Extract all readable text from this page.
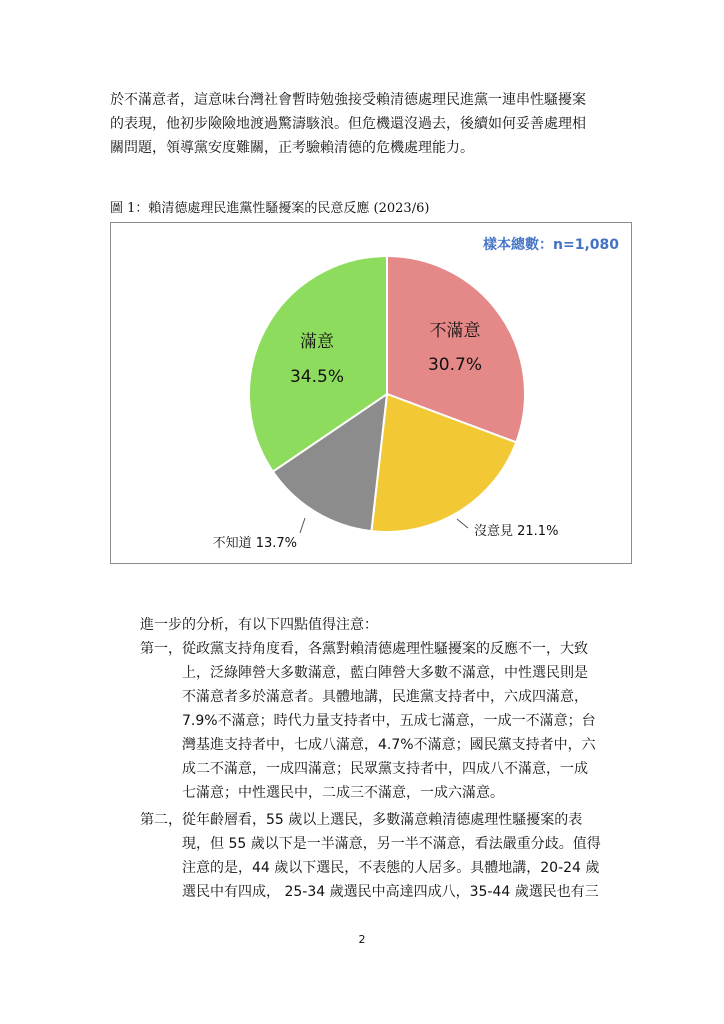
於不滿意者，這意味台灣社會暫時勉強接受賴清德處理民進黨一連串性騷擾案
的表現，他初步險險地渡過驚濤駭浪。但危機還沒過去，後續如何妥善處理相
關問題，領導黨安度難關，正考驗賴清德的危機處理能力。
圖 1：賴清德處理民進黨性騷擾案的民意反應 (2023/6)
樣本總數：n=1,080
不滿意
30.7%
滿意
34.5%
沒意見 21.1%
不知道 13.7%
進一步的分析，有以下四點值得注意：
第一， 從政黨支持角度看，各黨對賴清德處理性騷擾案的反應不一，大致
上，泛綠陣營大多數滿意，藍白陣營大多數不滿意，中性選民則是
不滿意者多於滿意者。具體地講，民進黨支持者中，六成四滿意，
7.9%不滿意；時代力量支持者中，五成七滿意，一成一不滿意；台
灣基進支持者中，七成八滿意，4.7%不滿意；國民黨支持者中，六
成二不滿意，一成四滿意；民眾黨支持者中，四成八不滿意，一成
七滿意；中性選民中，二成三不滿意，一成六滿意。
第二， 從年齡層看，55 歲以上選民，多數滿意賴清德處理性騷擾案的表
現，但 55 歲以下是一半滿意，另一半不滿意，看法嚴重分歧。值得
注意的是，44 歲以下選民，不表態的人居多。具體地講，20-24 歲
選民中有四成， 25-34 歲選民中高達四成八，35-44 歲選民也有三
2
